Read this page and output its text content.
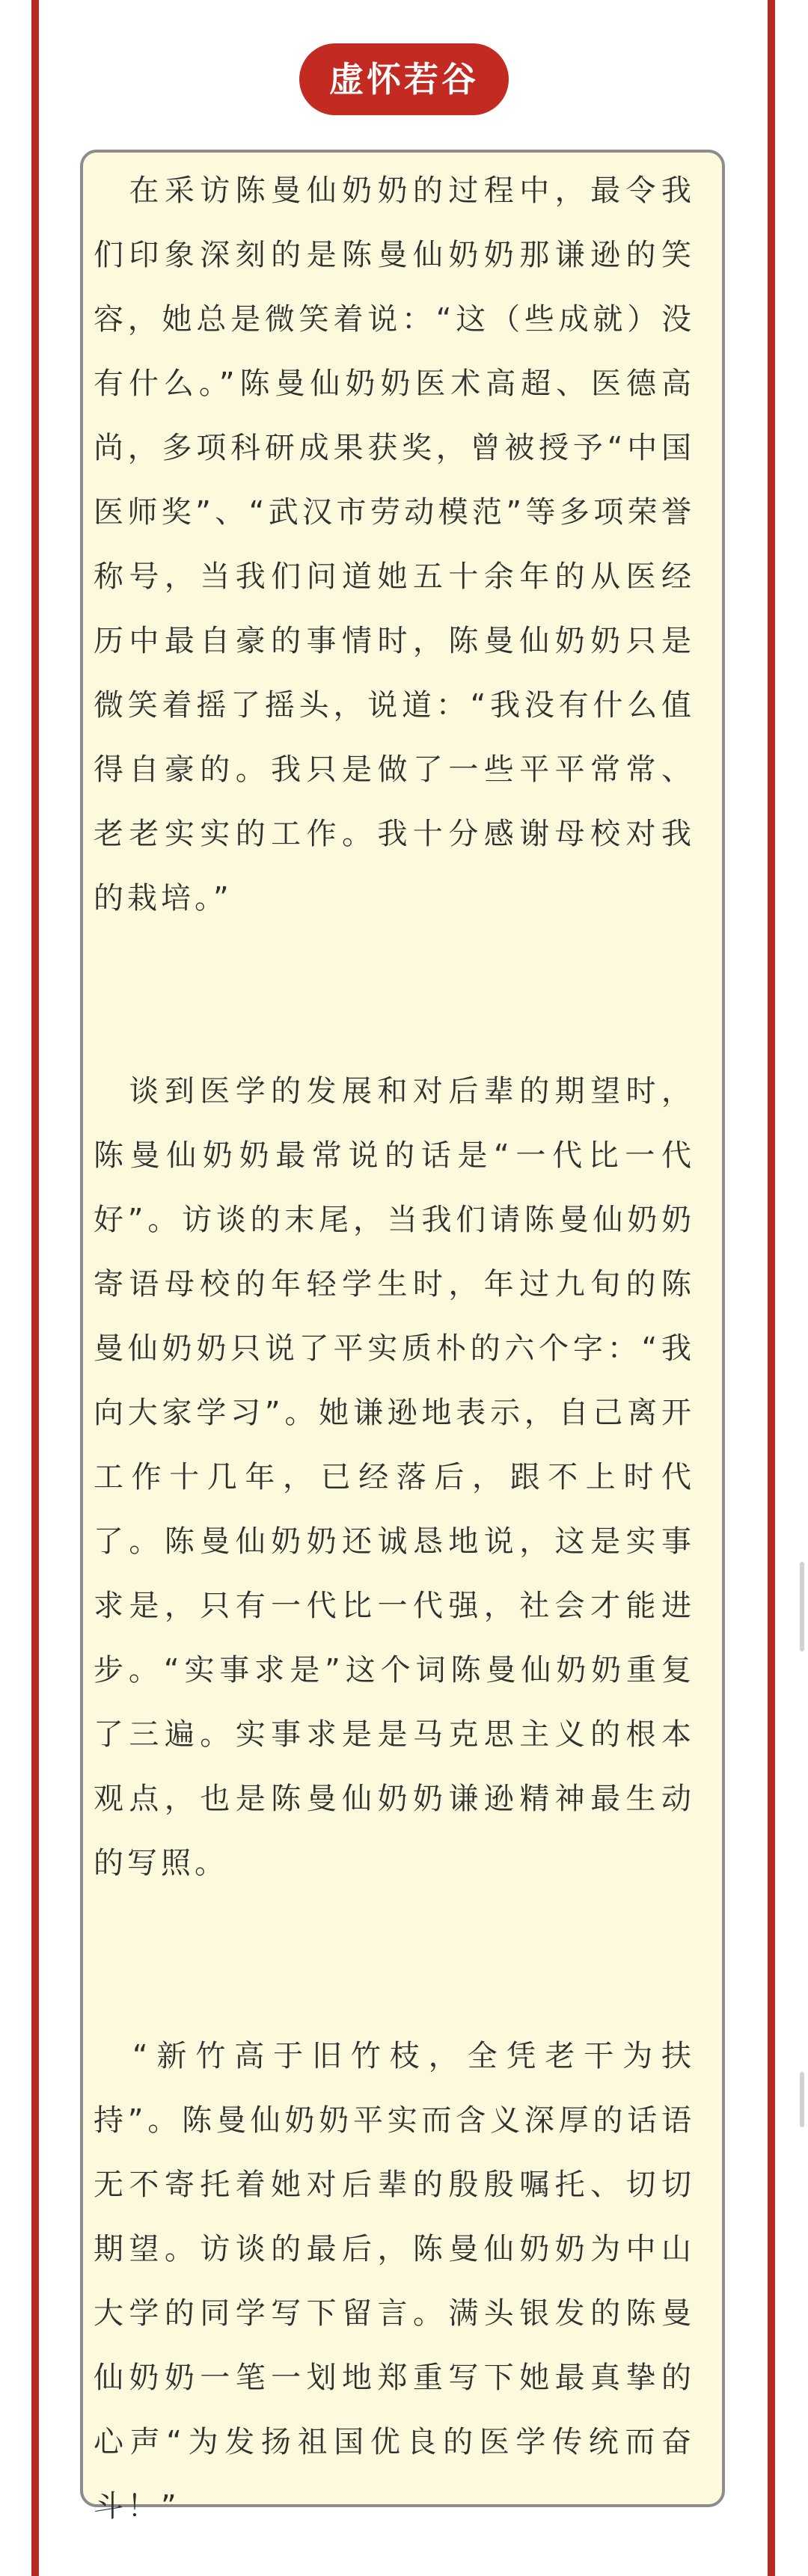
虚怀若谷

　在采访陈曼仙奶奶的过程中，最令我们印象深刻的是陈曼仙奶奶那谦逊的笑容，她总是微笑着说：“这（些成就）没有什么。”陈曼仙奶奶医术高超、医德高尚，多项科研成果获奖，曾被授予“中国医师奖”、“武汉市劳动模范”等多项荣誉称号，当我们问道她五十余年的从医经历中最自豪的事情时，陈曼仙奶奶只是微笑着摇了摇头，说道：“我没有什么值得自豪的。我只是做了一些平平常常、老老实实的工作。我十分感谢母校对我的栽培。”

　谈到医学的发展和对后辈的期望时，陈曼仙奶奶最常说的话是“一代比一代好”。访谈的末尾，当我们请陈曼仙奶奶寄语母校的年轻学生时，年过九旬的陈曼仙奶奶只说了平实质朴的六个字：“我向大家学习”。她谦逊地表示，自己离开工作十几年，已经落后，跟不上时代了。陈曼仙奶奶还诚恳地说，这是实事求是，只有一代比一代强，社会才能进步。“实事求是”这个词陈曼仙奶奶重复了三遍。实事求是是马克思主义的根本观点，也是陈曼仙奶奶谦逊精神最生动的写照。

　“新竹高于旧竹枝，全凭老干为扶持”。陈曼仙奶奶平实而含义深厚的话语无不寄托着她对后辈的殷殷嘱托、切切期望。访谈的最后，陈曼仙奶奶为中山大学的同学写下留言。满头银发的陈曼仙奶奶一笔一划地郑重写下她最真挚的心声“为发扬祖国优良的医学传统而奋斗！”
